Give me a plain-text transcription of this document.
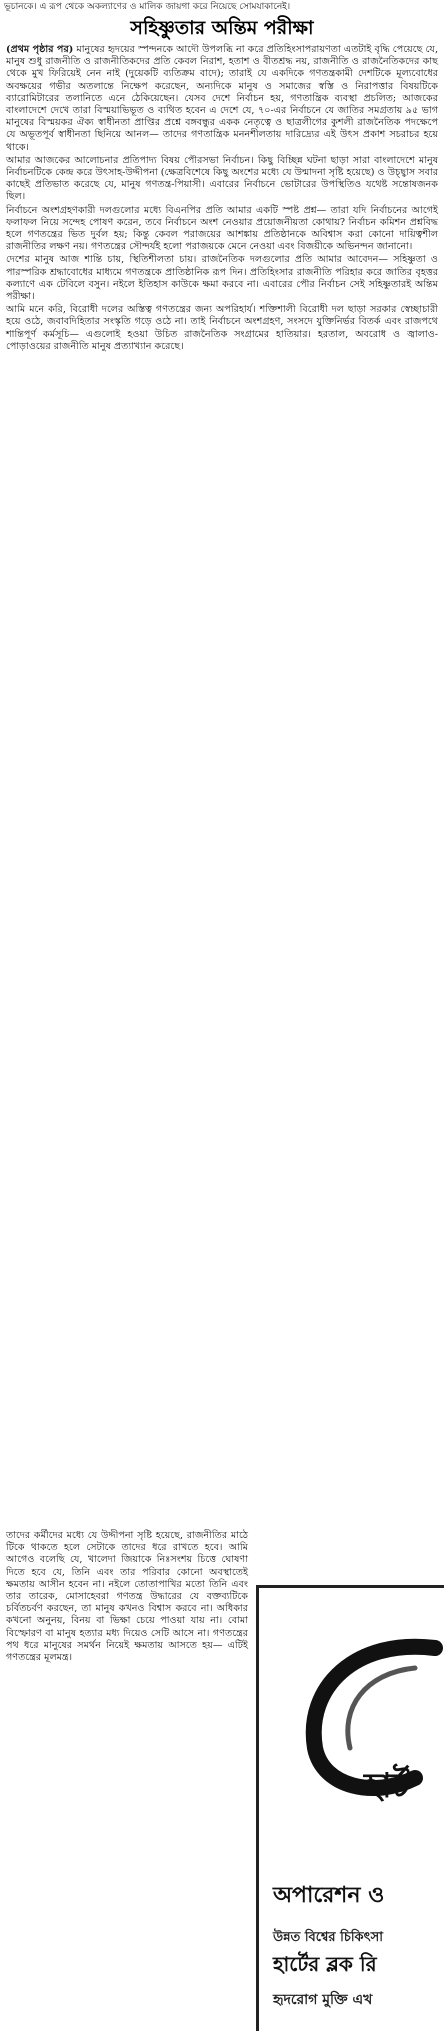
ভূচানকে। এ রূপ থেকে অকল্যাণের ও মালিক জায়গা করে নিয়েছে সোমযাকানেই।
সহিষ্ণুতার অন্তিম পরীক্ষা

(প্রথম পৃষ্ঠার পর) মানুষের হৃদয়ের স্পন্দনকে আদৌ উপলব্ধি না করে প্রতিহিংসাপরায়ণতা এতটাই বৃদ্ধি পেয়েছে যে, মানুষ শুধু রাজনীতি ও রাজনীতিকদের প্রতি কেবল নিরাশ, হতাশ ও বীতশ্রদ্ধ নয়, রাজনীতি ও রাজনৈতিকদের কাছ থেকে মুখ ফিরিয়েই নেন নাই (দুয়েকটি ব্যতিক্রম বাদে); তারাই যে একদিকে গণতন্ত্রকামী দেশটিকে মূল্যবোধের অবক্ষয়ের গভীর অতলান্তে নিক্ষেপ করেছেন, অন্যদিকে মানুষ ও সমাজের স্বস্তি ও নিরাপত্তার বিষয়টিকে ব্যারোমিটারের তলানিতে এনে ঠেকিয়েছেন। যেসব দেশে নির্বাচন হয়, গণতান্ত্রিক ব্যবস্থা প্রচলিত; আজকের বাংলাদেশে দেখে তারা বিস্ময়াভিভূত ও ব্যথিত হবেন এ দেশে যে, ৭০-এর নির্বাচনে যে জাতির সমগ্রতায় ৯৫ ভাগ মানুষের বিস্ময়কর ঐক্য স্বাধীনতা প্রাপ্তির প্রশ্নে বঙ্গবন্ধুর একক নেতৃত্বে ও ছাত্রলীগের কুশলী রাজনৈতিক পদক্ষেপে যে অভূতপূর্ব স্বাধীনতা ছিনিয়ে আনল— তাদের গণতান্ত্রিক মননশীলতায় দারিদ্র্যের এই উৎস প্রকাশ সচরাচর হয়ে থাকে।

আমার আজকের আলোচনার প্রতিপাদ্য বিষয় পৌরসভা নির্বাচন। কিছু বিচ্ছিন্ন ঘটনা ছাড়া সারা বাংলাদেশে মানুষ নির্বাচনটিকে কেন্দ্র করে উৎসাহ-উদ্দীপনা (ক্ষেত্রবিশেষে কিছু অংশের মধ্যে যে উন্মাদনা সৃষ্টি হয়েছে) ও উচ্ছ্বাস সবার কাছেই প্রতিভাত করেছে যে, মানুষ গণতন্ত্র-পিয়াসী। এবারের নির্বাচনে ভোটারের উপস্থিতিও যথেষ্ট সন্তোষজনক ছিল।

নির্বাচনে অংশগ্রহণকারী দলগুলোর মধ্যে বিএনপির প্রতি আমার একটি স্পষ্ট প্রশ্ন— তারা যদি নির্বাচনের আগেই ফলাফল নিয়ে সন্দেহ পোষণ করেন, তবে নির্বাচনে অংশ নেওয়ার প্রয়োজনীয়তা কোথায়? নির্বাচন কমিশন প্রশ্নবিদ্ধ হলে গণতন্ত্রের ভিত দুর্বল হয়; কিন্তু কেবল পরাজয়ের আশঙ্কায় প্রতিষ্ঠানকে অবিশ্বাস করা কোনো দায়িত্বশীল রাজনীতির লক্ষণ নয়। গণতন্ত্রের সৌন্দর্যই হলো পরাজয়কে মেনে নেওয়া এবং বিজয়ীকে অভিনন্দন জানানো।

দেশের মানুষ আজ শান্তি চায়, স্থিতিশীলতা চায়। রাজনৈতিক দলগুলোর প্রতি আমার আবেদন— সহিষ্ণুতা ও পারস্পরিক শ্রদ্ধাবোধের মাধ্যমে গণতন্ত্রকে প্রাতিষ্ঠানিক রূপ দিন। প্রতিহিংসার রাজনীতি পরিহার করে জাতির বৃহত্তর কল্যাণে এক টেবিলে বসুন। নইলে ইতিহাস কাউকে ক্ষমা করবে না। এবারের পৌর নির্বাচন সেই সহিষ্ণুতারই অন্তিম পরীক্ষা।

আমি মনে করি, বিরোধী দলের অস্তিত্ব গণতন্ত্রের জন্য অপরিহার্য। শক্তিশালী বিরোধী দল ছাড়া সরকার স্বেচ্ছাচারী হয়ে ওঠে, জবাবদিহিতার সংস্কৃতি গড়ে ওঠে না। তাই নির্বাচনে অংশগ্রহণ, সংসদে যুক্তিনির্ভর বিতর্ক এবং রাজপথে শান্তিপূর্ণ কর্মসূচি— এগুলোই হওয়া উচিত রাজনৈতিক সংগ্রামের হাতিয়ার। হরতাল, অবরোধ ও জ্বালাও-পোড়াওয়ের রাজনীতি মানুষ প্রত্যাখ্যান করেছে।

তাদের কর্মীদের মধ্যে যে উদ্দীপনা সৃষ্টি হয়েছে, রাজনীতির মাঠে টিকে থাকতে হলে সেটাকে তাদের ধরে রাখতে হবে। আমি আগেও বলেছি যে, খালেদা জিয়াকে নিঃসংশয় চিত্তে ঘোষণা দিতে হবে যে, তিনি এবং তার পরিবার কোনো অবস্থাতেই ক্ষমতায় আসীন হবেন না। নইলে তোতাপাখির মতো তিনি এবং তার তারেক, মোসাহেবরা গণতন্ত্র উদ্ধারের যে বক্তব্যটিকে চর্বিতচর্বণ করছেন, তা মানুষ কখনও বিশ্বাস করবে না। অধিকার কখনো অনুনয়, বিনয় বা ভিক্ষা চেয়ে পাওয়া যায় না। বোমা বিস্ফোরণ বা মানুষ হত্যার মধ্য দিয়েও সেটি আসে না। গণতন্ত্রের পথ ধরে মানুষের সমর্থন নিয়েই ক্ষমতায় আসতে হয়— এটিই গণতন্ত্রের মূলমন্ত্র।
হার্ট
অপারেশন ও
উন্নত বিশ্বের চিকিৎসা
হার্টের ব্লক রি
হৃদরোগ মুক্তি এখ
